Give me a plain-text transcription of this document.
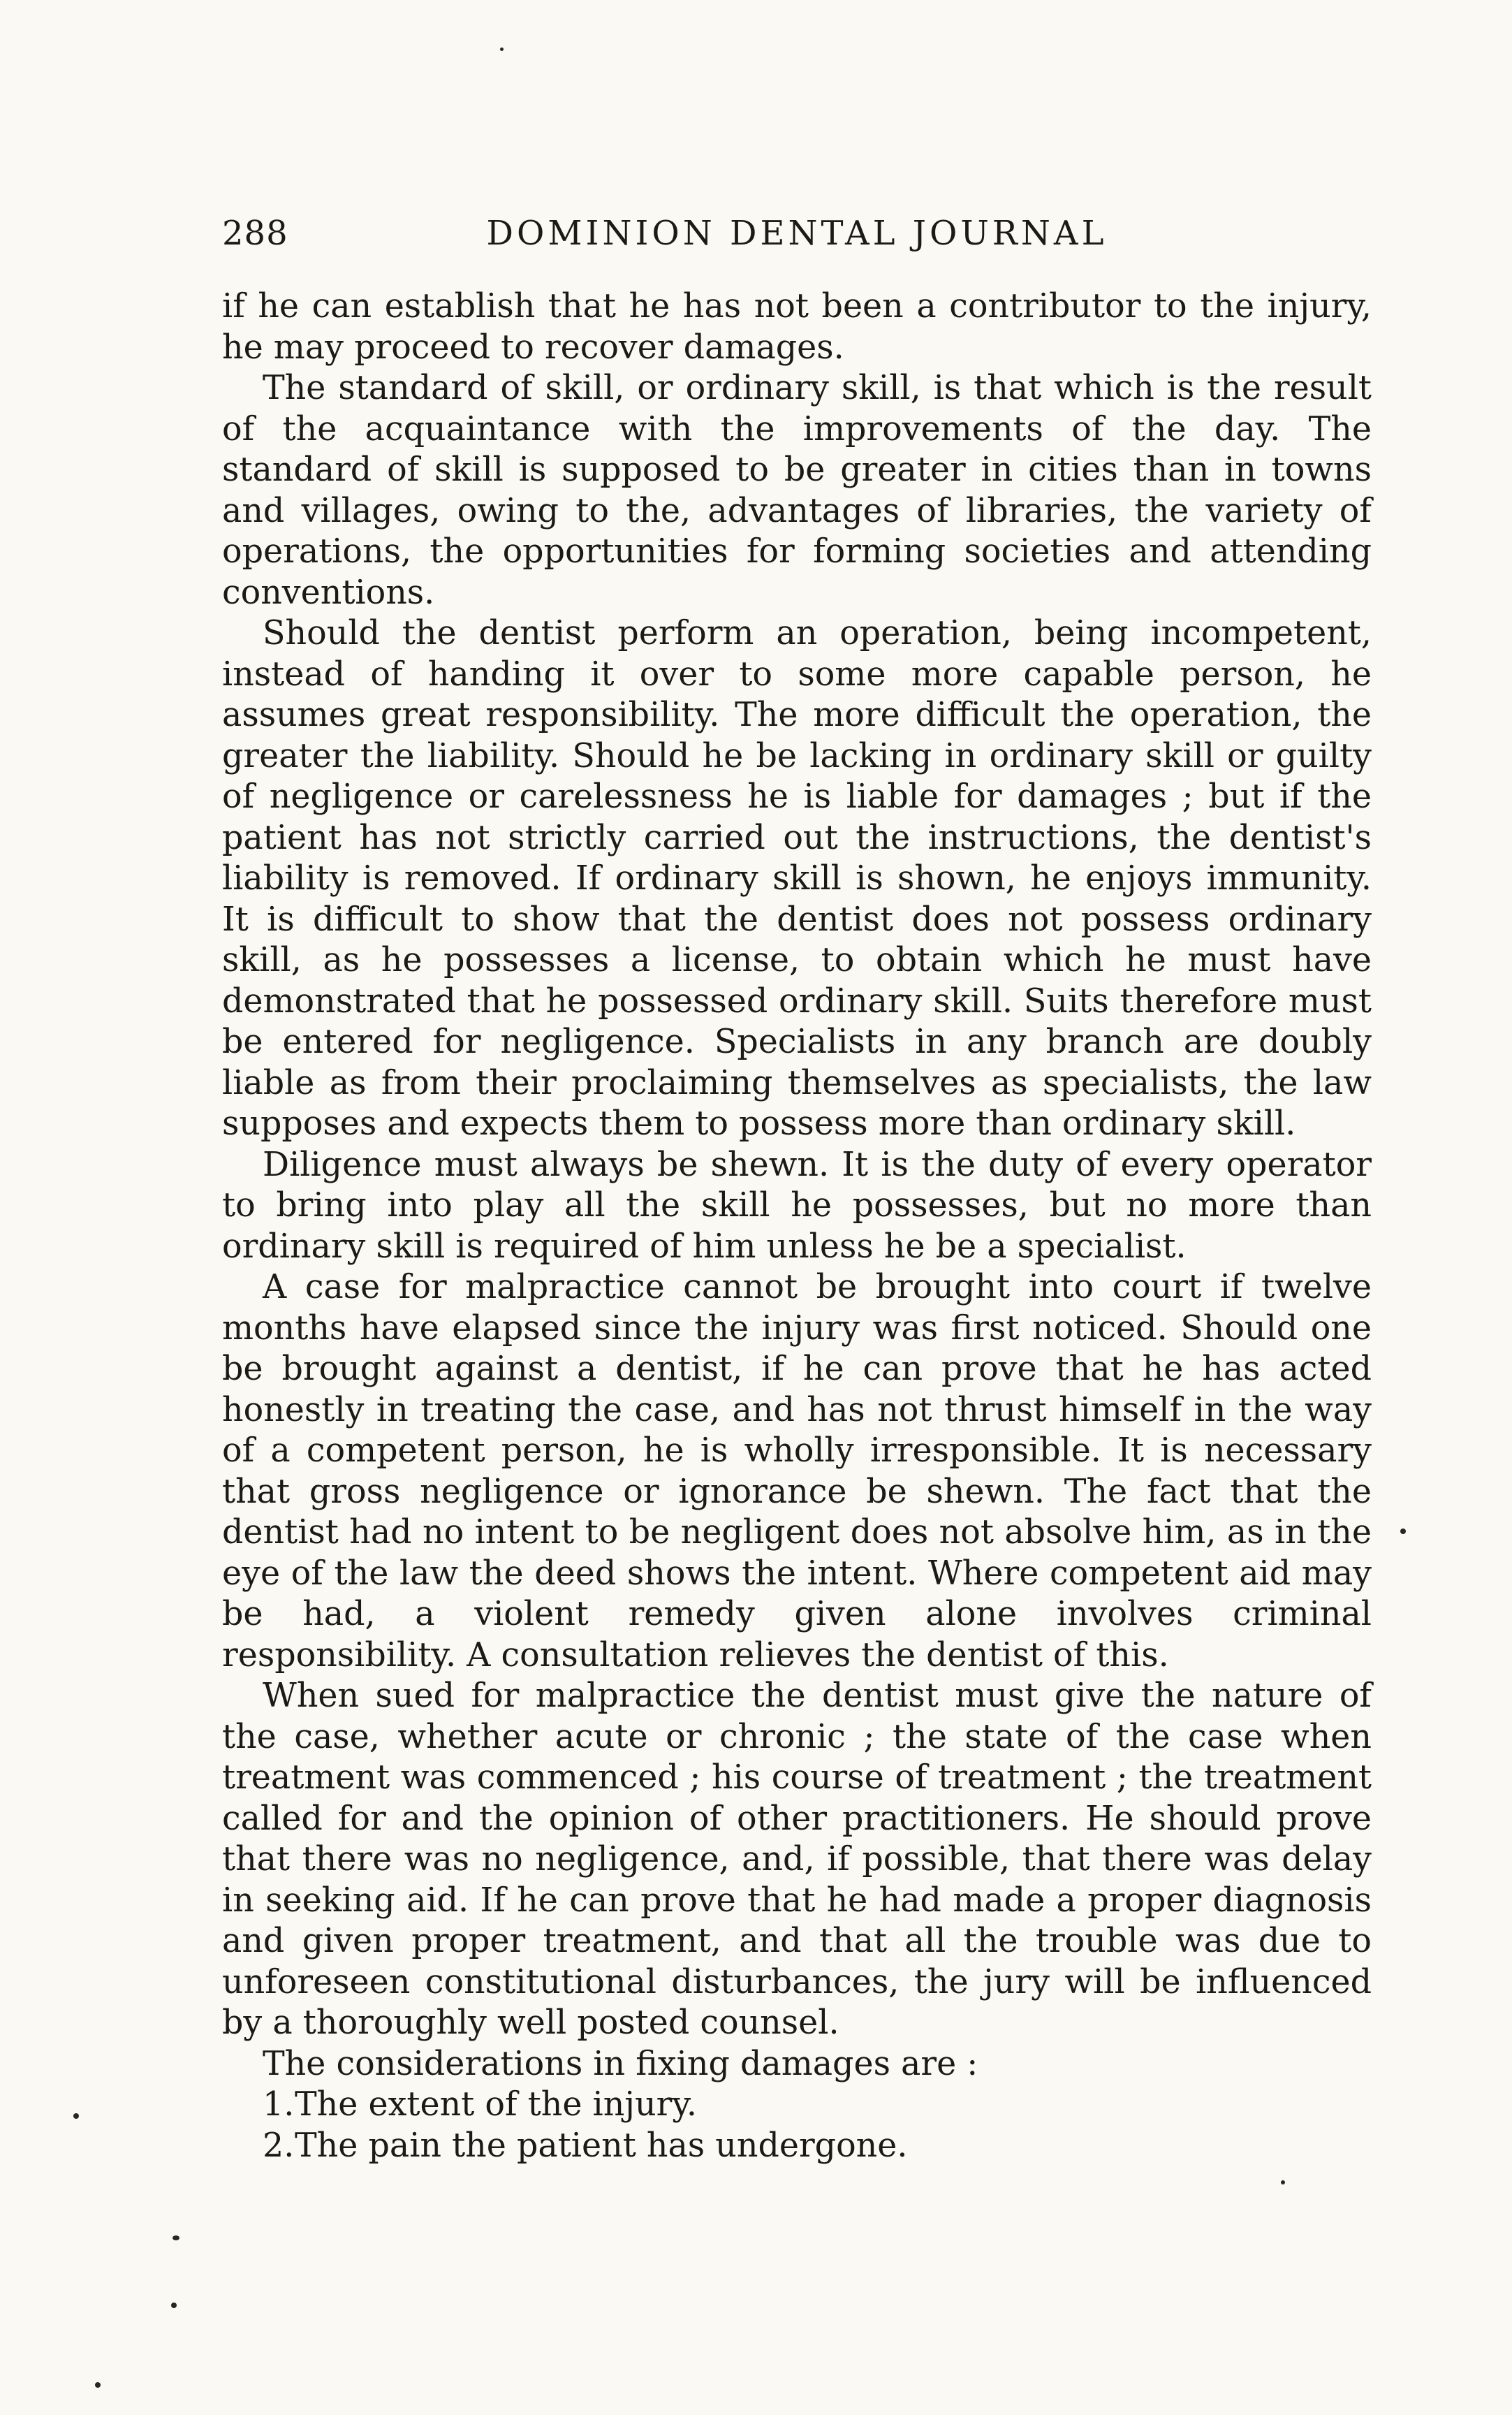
288	DOMINION DENTAL JOURNAL

if he can establish that he has not been a contributor to the injury, he may proceed to recover damages.

The standard of skill, or ordinary skill, is that which is the result of the acquaintance with the improvements of the day. The standard of skill is supposed to be greater in cities than in towns and villages, owing to the, advantages of libraries, the variety of operations, the opportunities for forming societies and attending conventions.

Should the dentist perform an operation, being incompetent, instead of handing it over to some more capable person, he assumes great responsibility. The more difficult the operation, the greater the liability. Should he be lacking in ordinary skill or guilty of negligence or carelessness he is liable for damages ; but if the patient has not strictly carried out the instructions, the dentist's liability is removed. If ordinary skill is shown, he enjoys immunity. It is difficult to show that the dentist does not possess ordinary skill, as he possesses a license, to obtain which he must have demonstrated that he possessed ordinary skill. Suits therefore must be entered for negligence. Specialists in any branch are doubly liable as from their proclaiming themselves as specialists, the law supposes and expects them to possess more than ordinary skill.

Diligence must always be shewn. It is the duty of every operator to bring into play all the skill he possesses, but no more than ordinary skill is required of him unless he be a specialist.

A case for malpractice cannot be brought into court if twelve months have elapsed since the injury was first noticed. Should one be brought against a dentist, if he can prove that he has acted honestly in treating the case, and has not thrust himself in the way of a competent person, he is wholly irresponsible. It is necessary that gross negligence or ignorance be shewn. The fact that the dentist had no intent to be negligent does not absolve him, as in the eye of the law the deed shows the intent. Where competent aid may be had, a violent remedy given alone involves criminal responsibility. A consultation relieves the dentist of this.

When sued for malpractice the dentist must give the nature of the case, whether acute or chronic ; the state of the case when treatment was commenced ; his course of treatment ; the treatment called for and the opinion of other practitioners. He should prove that there was no negligence, and, if possible, that there was delay in seeking aid. If he can prove that he had made a proper diagnosis and given proper treatment, and that all the trouble was due to unforeseen constitutional disturbances, the jury will be influenced by a thoroughly well posted counsel.

The considerations in fixing damages are :

1.The extent of the injury.
2.The pain the patient has undergone.
